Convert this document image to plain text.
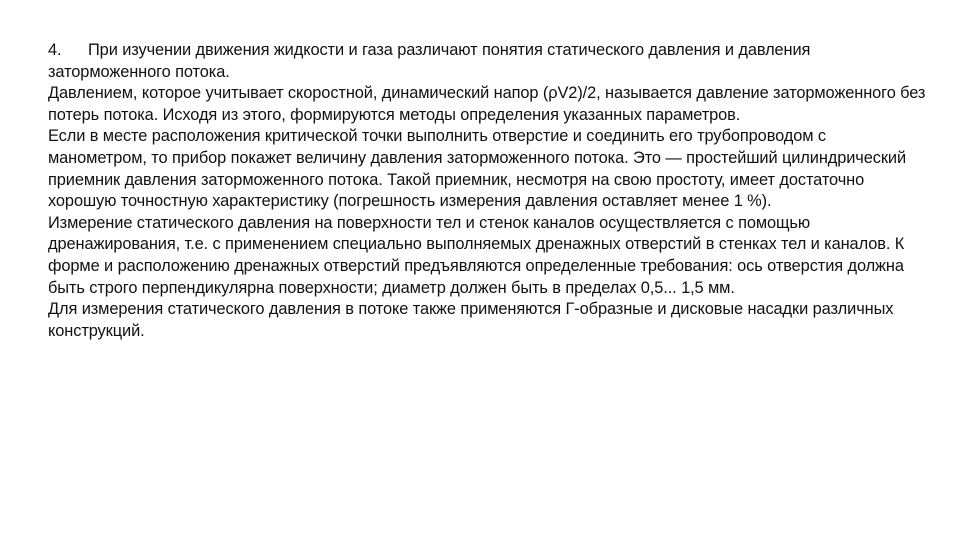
4. При изучении движения жидкости и газа различают понятия статического давления и давления заторможенного потока.

Давлением, которое учитывает скоростной, динамический напор (ρV2)/2, называется давление заторможенного без потерь потока. Исходя из этого, формируются методы определения указанных параметров.

Если в месте расположения критической точки выполнить отверстие и соединить его трубопроводом с манометром, то прибор покажет величину давления заторможенного потока. Это — простейший цилиндрический приемник давления заторможенного потока. Такой приемник, несмотря на свою простоту, имеет достаточно хорошую точностную характеристику (погрешность измерения давления оставляет менее 1 %).

Измерение статического давления на поверхности тел и стенок каналов осуществляется с помощью дренажирования, т.е. с применением специально выполняемых дренажных отверстий в стенках тел и каналов. К форме и расположению дренажных отверстий предъявляются определенные требования: ось отверстия должна быть строго перпендикулярна поверхности; диаметр должен быть в пределах 0,5... 1,5 мм.

Для измерения статического давления в потоке также применяются Г-образные и дисковые насадки различных конструкций.
